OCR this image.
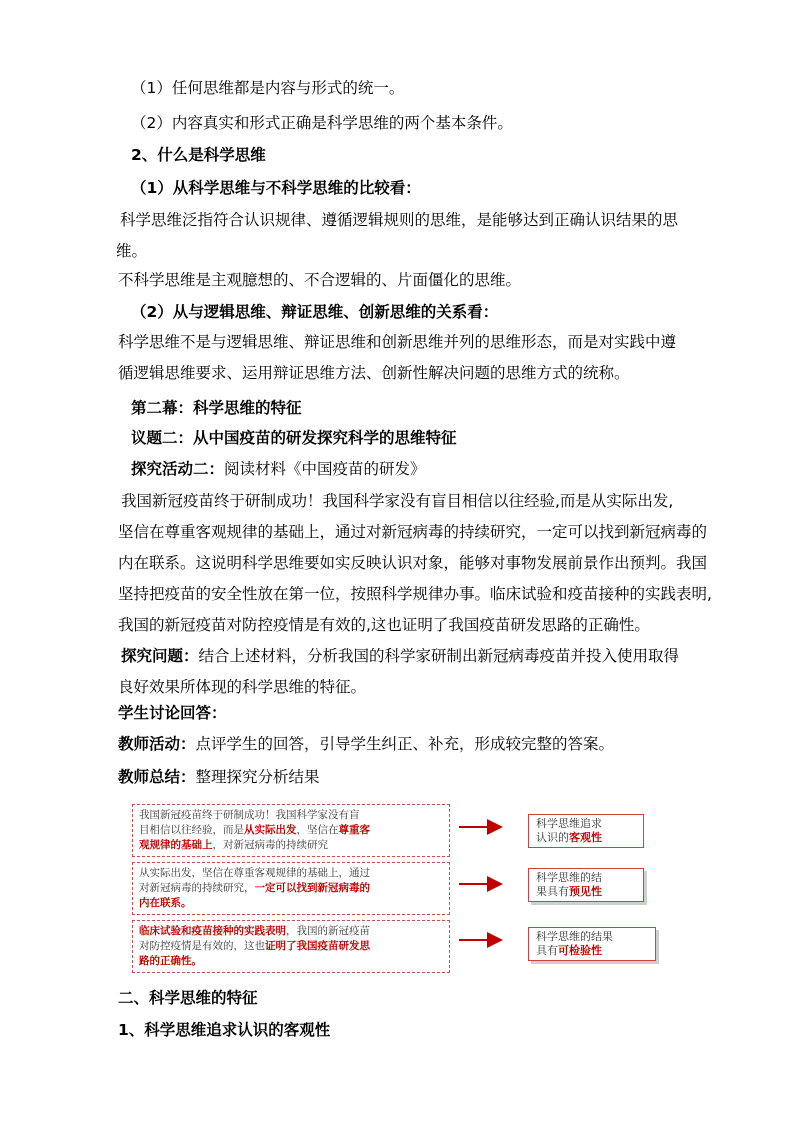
（1）任何思维都是内容与形式的统一。
（2）内容真实和形式正确是科学思维的两个基本条件。
2、什么是科学思维
（1）从科学思维与不科学思维的比较看：
科学思维泛指符合认识规律、遵循逻辑规则的思维，是能够达到正确认识结果的思
维。
不科学思维是主观臆想的、不合逻辑的、片面僵化的思维。
（2）从与逻辑思维、辩证思维、创新思维的关系看：
科学思维不是与逻辑思维、辩证思维和创新思维并列的思维形态，而是对实践中遵
循逻辑思维要求、运用辩证思维方法、创新性解决问题的思维方式的统称。
第二幕：科学思维的特征
议题二：从中国疫苗的研发探究科学的思维特征
探究活动二：阅读材料《中国疫苗的研发》
我国新冠疫苗终于研制成功！我国科学家没有盲目相信以往经验,而是从实际出发,
坚信在尊重客观规律的基础上，通过对新冠病毒的持续研究，一定可以找到新冠病毒的
内在联系。这说明科学思维要如实反映认识对象，能够对事物发展前景作出预判。我国
坚持把疫苗的安全性放在第一位，按照科学规律办事。临床试验和疫苗接种的实践表明,
我国的新冠疫苗对防控疫情是有效的,这也证明了我国疫苗研发思路的正确性。
探究问题：结合上述材料，分析我国的科学家研制出新冠病毒疫苗并投入使用取得
良好效果所体现的科学思维的特征。
学生讨论回答：
教师活动：点评学生的回答，引导学生纠正、补充，形成较完整的答案。
教师总结：整理探究分析结果
我国新冠疫苗终于研制成功！我国科学家没有盲
目相信以往经验，而是从实际出发，坚信在尊重客
观规律的基础上，对新冠病毒的持续研究
从实际出发，坚信在尊重客观规律的基础上，通过
对新冠病毒的持续研究，一定可以找到新冠病毒的
内在联系。
临床试验和疫苗接种的实践表明，我国的新冠疫苗
对防控疫情是有效的，这也证明了我国疫苗研发思
路的正确性。
科学思维追求
认识的客观性
科学思维的结
果具有预见性
科学思维的结果
具有可检验性
二、科学思维的特征
1、科学思维追求认识的客观性
